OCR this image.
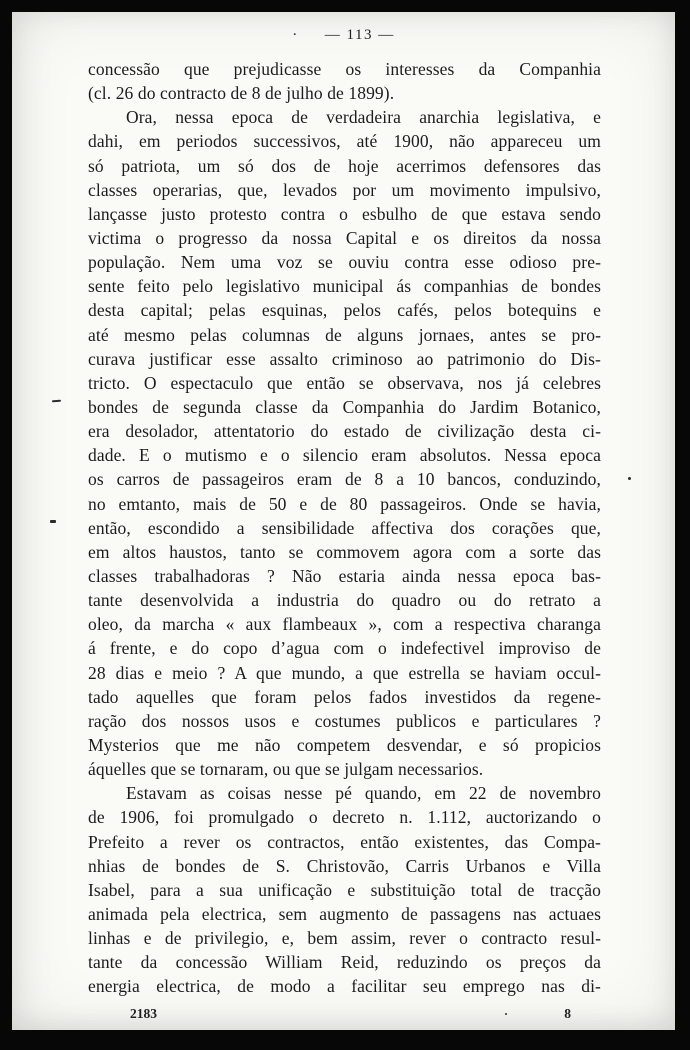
· — 113 —
concessão que prejudicasse os interesses da Companhia
(cl. 26 do contracto de 8 de julho de 1899).
Ora, nessa epoca de verdadeira anarchia legislativa, e
dahi, em periodos successivos, até 1900, não appareceu um
só patriota, um só dos de hoje acerrimos defensores das
classes operarias, que, levados por um movimento impulsivo,
lançasse justo protesto contra o esbulho de que estava sendo
victima o progresso da nossa Capital e os direitos da nossa
população. Nem uma voz se ouviu contra esse odioso pre-
sente feito pelo legislativo municipal ás companhias de bondes
desta capital; pelas esquinas, pelos cafés, pelos botequins e
até mesmo pelas columnas de alguns jornaes, antes se pro-
curava justificar esse assalto criminoso ao patrimonio do Dis-
tricto. O espectaculo que então se observava, nos já celebres
bondes de segunda classe da Companhia do Jardim Botanico,
era desolador, attentatorio do estado de civilização desta ci-
dade. E o mutismo e o silencio eram absolutos. Nessa epoca
os carros de passageiros eram de 8 a 10 bancos, conduzindo,
no emtanto, mais de 50 e de 80 passageiros. Onde se havia,
então, escondido a sensibilidade affectiva dos corações que,
em altos haustos, tanto se commovem agora com a sorte das
classes trabalhadoras ? Não estaria ainda nessa epoca bas-
tante desenvolvida a industria do quadro ou do retrato a
oleo, da marcha « aux flambeaux », com a respectiva charanga
á frente, e do copo d’agua com o indefectivel improviso de
28 dias e meio ? A que mundo, a que estrella se haviam occul-
tado aquelles que foram pelos fados investidos da regene-
ração dos nossos usos e costumes publicos e particulares ?
Mysterios que me não competem desvendar, e só propicios
áquelles que se tornaram, ou que se julgam necessarios.
Estavam as coisas nesse pé quando, em 22 de novembro
de 1906, foi promulgado o decreto n. 1.112, auctorizando o
Prefeito a rever os contractos, então existentes, das Compa-
nhias de bondes de S. Christovão, Carris Urbanos e Villa
Isabel, para a sua unificação e substituição total de tracção
animada pela electrica, sem augmento de passagens nas actuaes
linhas e de privilegio, e, bem assim, rever o contracto resul-
tante da concessão William Reid, reduzindo os preços da
energia electrica, de modo a facilitar seu emprego nas di-
2183	8
